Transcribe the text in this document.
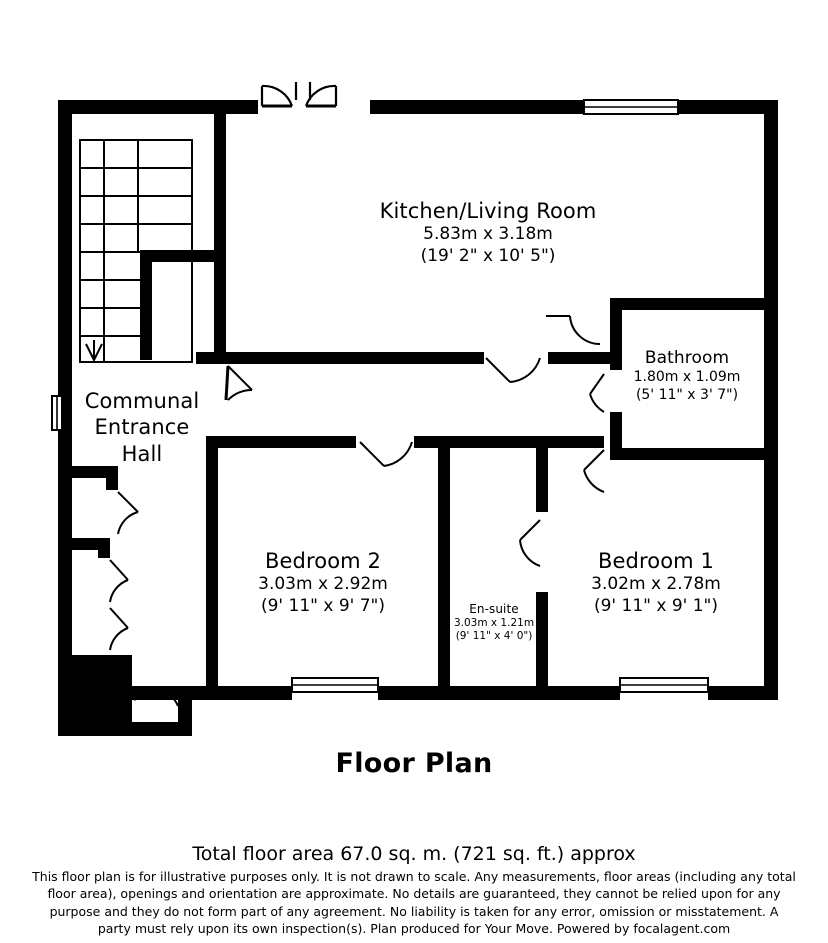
Kitchen/Living Room
5.83m x 3.18m
(19' 2" x 10' 5")
Bathroom
1.80m x 1.09m
(5' 11" x 3' 7")
Bedroom 2
3.03m x 2.92m
(9' 11" x 9' 7")
Bedroom 1
3.02m x 2.78m
(9' 11" x 9' 1")
En-suite
3.03m x 1.21m
(9' 11" x 4' 0")
Communal
Entrance
Hall
Floor Plan
Total floor area 67.0 sq. m. (721 sq. ft.) approx
This floor plan is for illustrative purposes only. It is not drawn to scale. Any measurements, floor areas (including any total floor area), openings and orientation are approximate. No details are guaranteed, they cannot be relied upon for any purpose and they do not form part of any agreement. No liability is taken for any error, omission or misstatement. A party must rely upon its own inspection(s). Plan produced for Your Move. Powered by focalagent.com
